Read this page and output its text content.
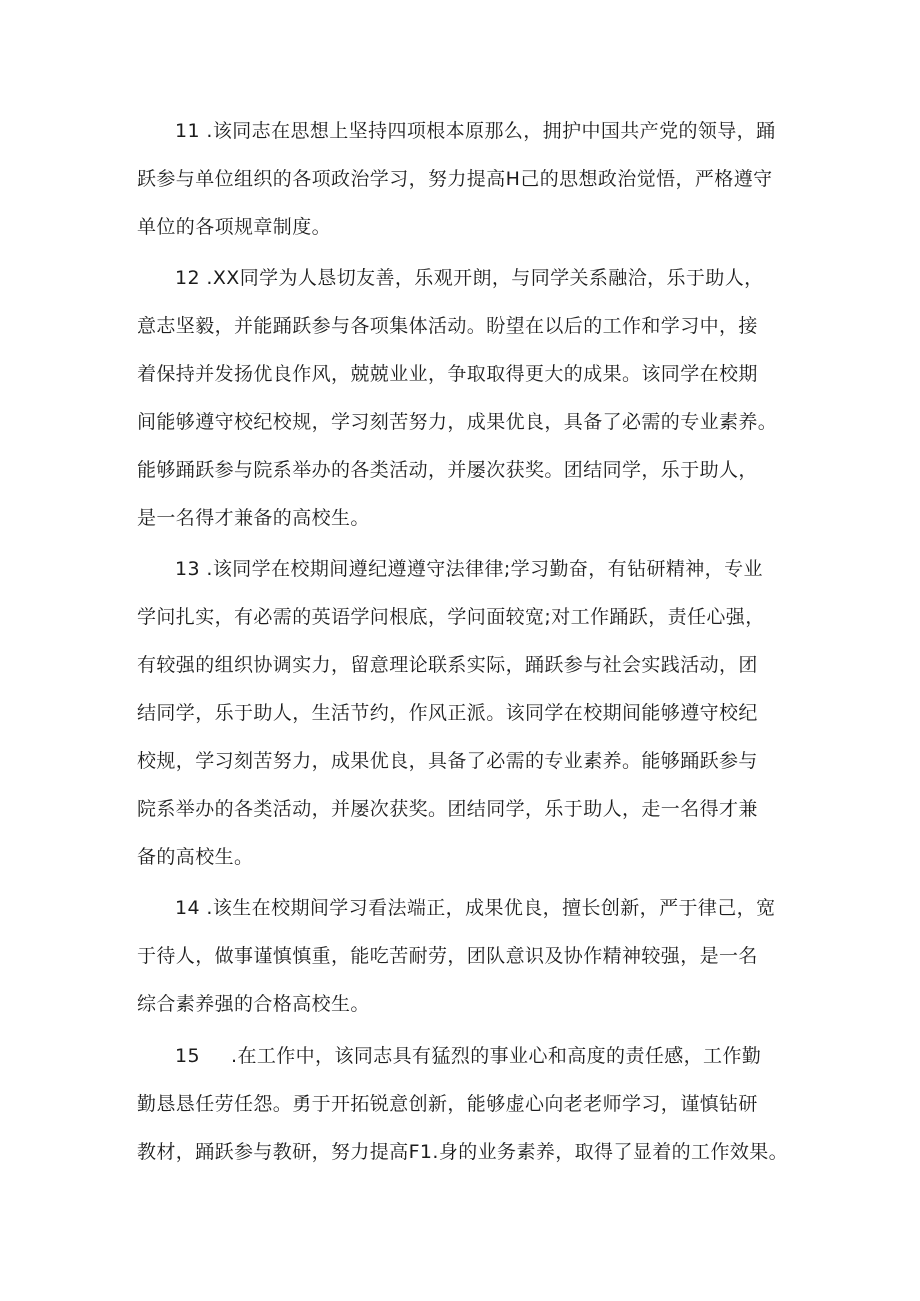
11 .该同志在思想上坚持四项根本原那么，拥护中国共产党的领导，踊
跃参与单位组织的各项政治学习，努力提高H己的思想政治觉悟，严格遵守
单位的各项规章制度。
12 .XX同学为人恳切友善，乐观开朗，与同学关系融洽，乐于助人，
意志坚毅，并能踊跃参与各项集体活动。盼望在以后的工作和学习中，接
着保持并发扬优良作风，兢兢业业，争取取得更大的成果。该同学在校期
间能够遵守校纪校规，学习刻苦努力，成果优良，具备了必需的专业素养。
能够踊跃参与院系举办的各类活动，并屡次获奖。团结同学，乐于助人，
是一名得才兼备的高校生。
13 .该同学在校期间遵纪遵遵守法律律;学习勤奋，有钻研精神，专业
学问扎实，有必需的英语学问根底，学问面较宽;对工作踊跃，责任心强，
有较强的组织协调实力，留意理论联系实际，踊跃参与社会实践活动，团
结同学，乐于助人，生活节约，作风正派。该同学在校期间能够遵守校纪
校规，学习刻苦努力，成果优良，具备了必需的专业素养。能够踊跃参与
院系举办的各类活动，并屡次获奖。团结同学，乐于助人，走一名得才兼
备的高校生。
14 .该生在校期间学习看法端正，成果优良，擅长创新，严于律己，宽
于待人，做事谨慎慎重，能吃苦耐劳，团队意识及协作精神较强，是一名
综合素养强的合格高校生。
15 .在工作中，该同志具有猛烈的事业心和高度的责任感，工作勤
勤恳恳任劳任怨。勇于开拓锐意创新，能够虚心向老老师学习，谨慎钻研
教材，踊跃参与教研，努力提高F1.身的业务素养，取得了显着的工作效果。
